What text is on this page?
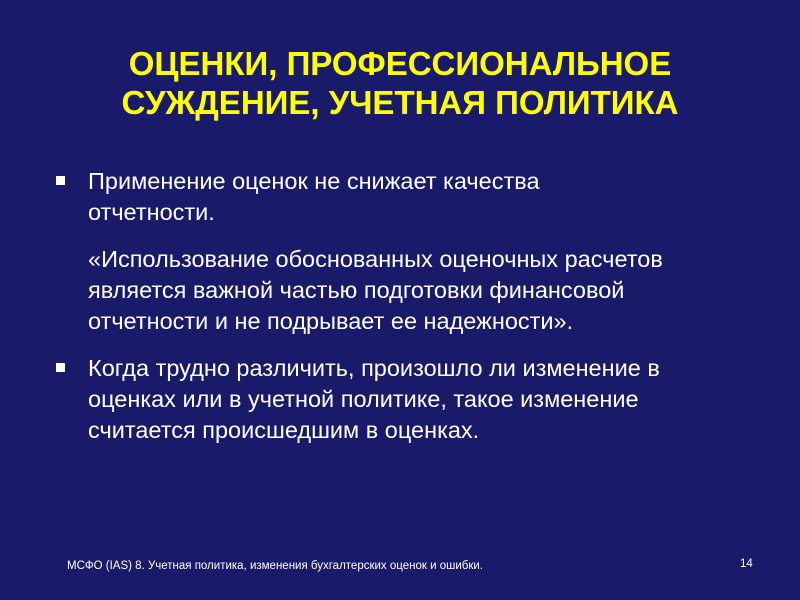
ОЦЕНКИ, ПРОФЕССИОНАЛЬНОЕ
СУЖДЕНИЕ, УЧЕТНАЯ ПОЛИТИКА
Применение оценок не снижает качества
отчетности.
«Использование обоснованных оценочных расчетов
является важной частью подготовки финансовой
отчетности и не подрывает ее надежности».
Когда трудно различить, произошло ли изменение в
оценках или в учетной политике, такое изменение
считается происшедшим в оценках.
МСФО (IAS) 8. Учетная политика, изменения бухгалтерских оценок и ошибки.	14
